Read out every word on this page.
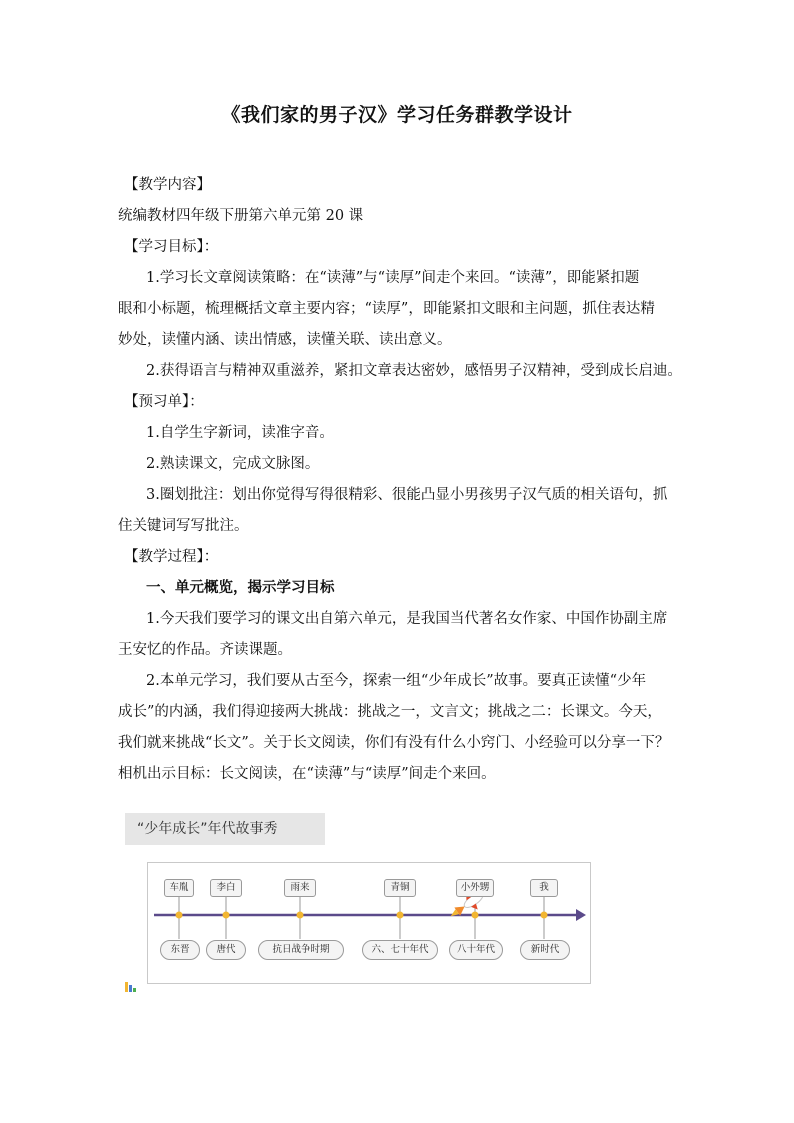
《我们家的男子汉》学习任务群教学设计
【教学内容】
统编教材四年级下册第六单元第 20 课
【学习目标】：
1.学习长文章阅读策略：在“读薄”与“读厚”间走个来回。“读薄”，即能紧扣题
眼和小标题，梳理概括文章主要内容；“读厚”，即能紧扣文眼和主问题，抓住表达精
妙处，读懂内涵、读出情感，读懂关联、读出意义。
2.获得语言与精神双重滋养，紧扣文章表达密妙，感悟男子汉精神，受到成长启迪。
【预习单】：
1.自学生字新词，读准字音。
2.熟读课文，完成文脉图。
3.圈划批注：划出你觉得写得很精彩、很能凸显小男孩男子汉气质的相关语句，抓
住关键词写写批注。
【教学过程】：
一、单元概览，揭示学习目标
1.今天我们要学习的课文出自第六单元，是我国当代著名女作家、中国作协副主席
王安忆的作品。齐读课题。
2.本单元学习，我们要从古至今，探索一组“少年成长”故事。要真正读懂“少年
成长”的内涵，我们得迎接两大挑战：挑战之一，文言文；挑战之二：长课文。今天，
我们就来挑战“长文”。关于长文阅读，你们有没有什么小窍门、小经验可以分享一下？
相机出示目标：长文阅读，在“读薄”与“读厚”间走个来回。
“少年成长”年代故事秀
车胤	李白	雨来	青铜	小外甥	我
东晋	唐代	抗日战争时期	六、七十年代	八十年代	新时代
